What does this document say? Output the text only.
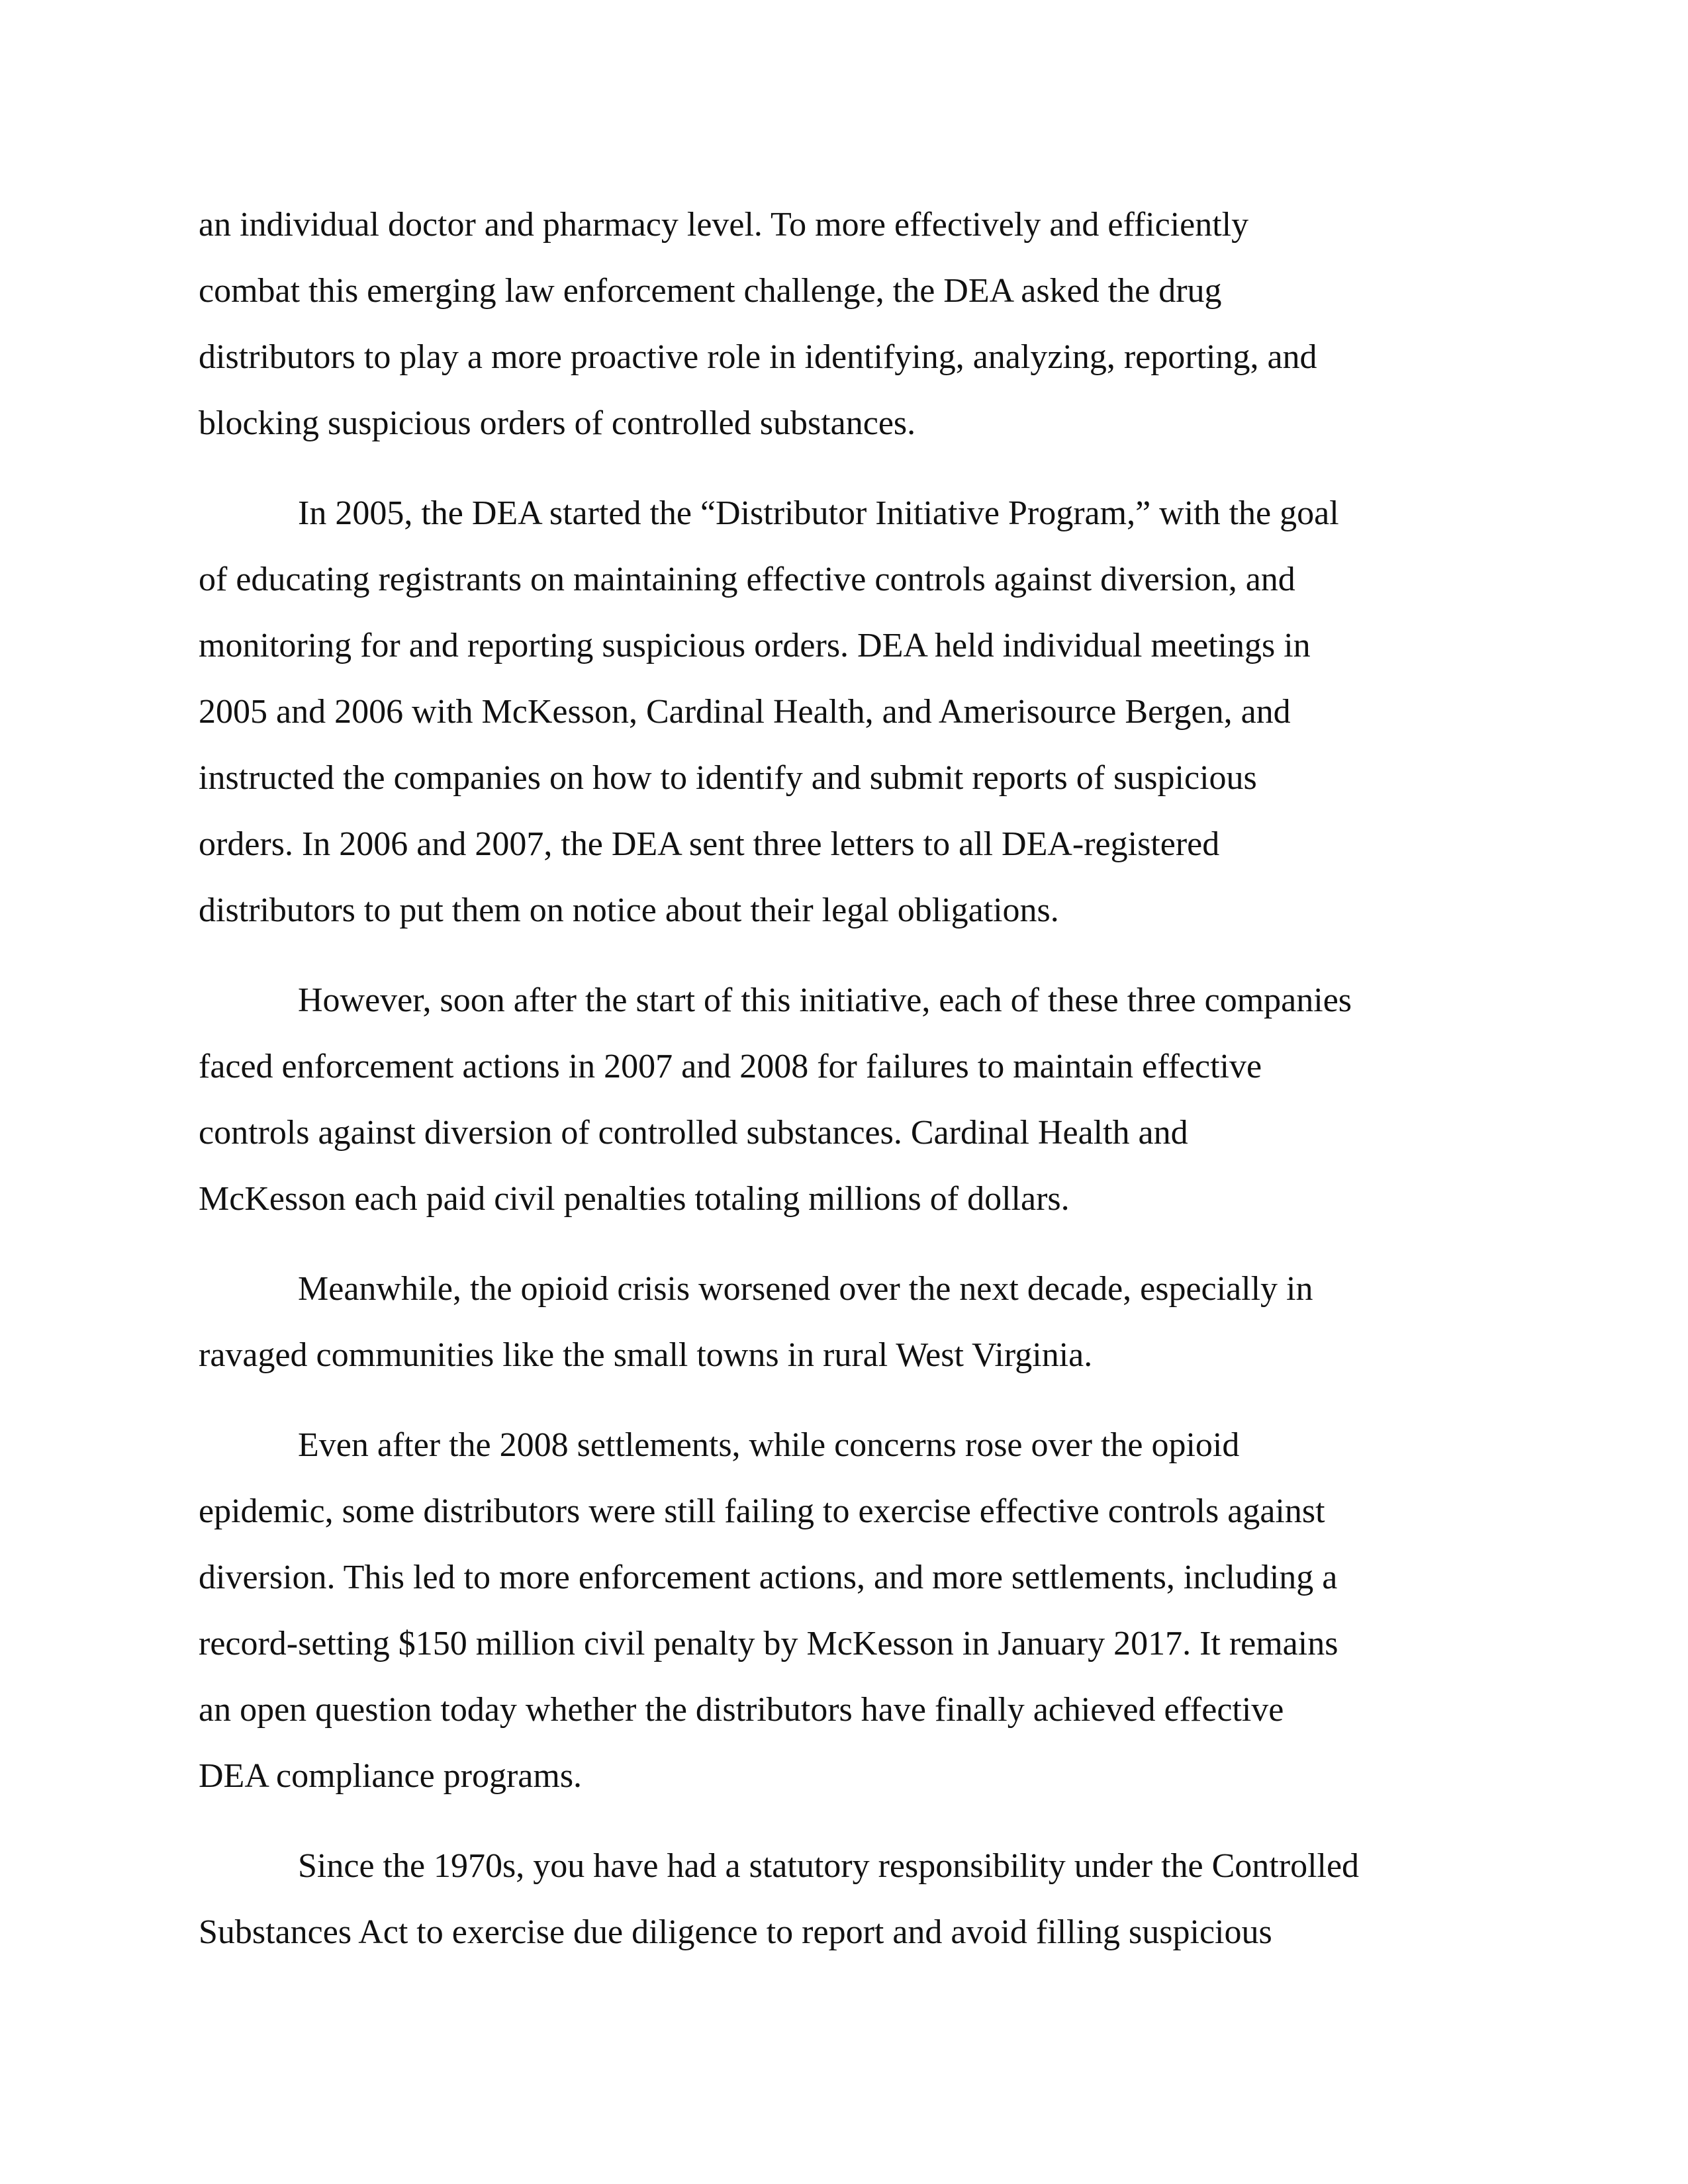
an individual doctor and pharmacy level. To more effectively and efficiently
combat this emerging law enforcement challenge, the DEA asked the drug
distributors to play a more proactive role in identifying, analyzing, reporting, and
blocking suspicious orders of controlled substances.

In 2005, the DEA started the “Distributor Initiative Program,” with the goal
of educating registrants on maintaining effective controls against diversion, and
monitoring for and reporting suspicious orders. DEA held individual meetings in
2005 and 2006 with McKesson, Cardinal Health, and Amerisource Bergen, and
instructed the companies on how to identify and submit reports of suspicious
orders. In 2006 and 2007, the DEA sent three letters to all DEA-registered
distributors to put them on notice about their legal obligations.

However, soon after the start of this initiative, each of these three companies
faced enforcement actions in 2007 and 2008 for failures to maintain effective
controls against diversion of controlled substances. Cardinal Health and
McKesson each paid civil penalties totaling millions of dollars.

Meanwhile, the opioid crisis worsened over the next decade, especially in
ravaged communities like the small towns in rural West Virginia.

Even after the 2008 settlements, while concerns rose over the opioid
epidemic, some distributors were still failing to exercise effective controls against
diversion. This led to more enforcement actions, and more settlements, including a
record-setting $150 million civil penalty by McKesson in January 2017. It remains
an open question today whether the distributors have finally achieved effective
DEA compliance programs.

Since the 1970s, you have had a statutory responsibility under the Controlled
Substances Act to exercise due diligence to report and avoid filling suspicious
